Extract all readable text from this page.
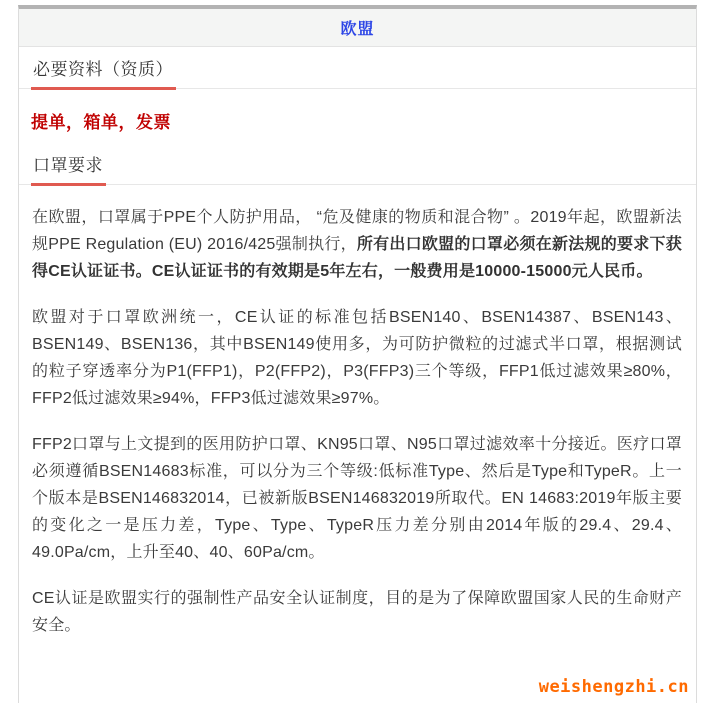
欧盟
必要资料（资质）
提单，箱单，发票
口罩要求

在欧盟，口罩属于PPE个人防护用品， “危及健康的物质和混合物” 。2019年起，欧盟新法规PPE Regulation (EU) 2016/425强制执行，所有出口欧盟的口罩必须在新法规的要求下获得CE认证证书。CE认证证书的有效期是5年左右，一般费用是10000-15000元人民币。

欧盟对于口罩欧洲统一，CE认证的标准包括BSEN140、BSEN14387、BSEN143、BSEN149、BSEN136，其中BSEN149使用多，为可防护微粒的过滤式半口罩，根据测试的粒子穿透率分为P1(FFP1)，P2(FFP2)，P3(FFP3)三个等级，FFP1低过滤效果≥80%，FFP2低过滤效果≥94%，FFP3低过滤效果≥97%。

FFP2口罩与上文提到的医用防护口罩、KN95口罩、N95口罩过滤效率十分接近。医疗口罩必须遵循BSEN14683标准，可以分为三个等级:低标准Type、然后是Type和TypeR。上一个版本是BSEN146832014，已被新版BSEN146832019所取代。EN 14683:2019年版主要的变化之一是压力差，Type、Type、TypeR压力差分别由2014年版的29.4、29.4、49.0Pa/cm，上升至40、40、60Pa/cm。

CE认证是欧盟实行的强制性产品安全认证制度，目的是为了保障欧盟国家人民的生命财产安全。

weishengzhi.cn
